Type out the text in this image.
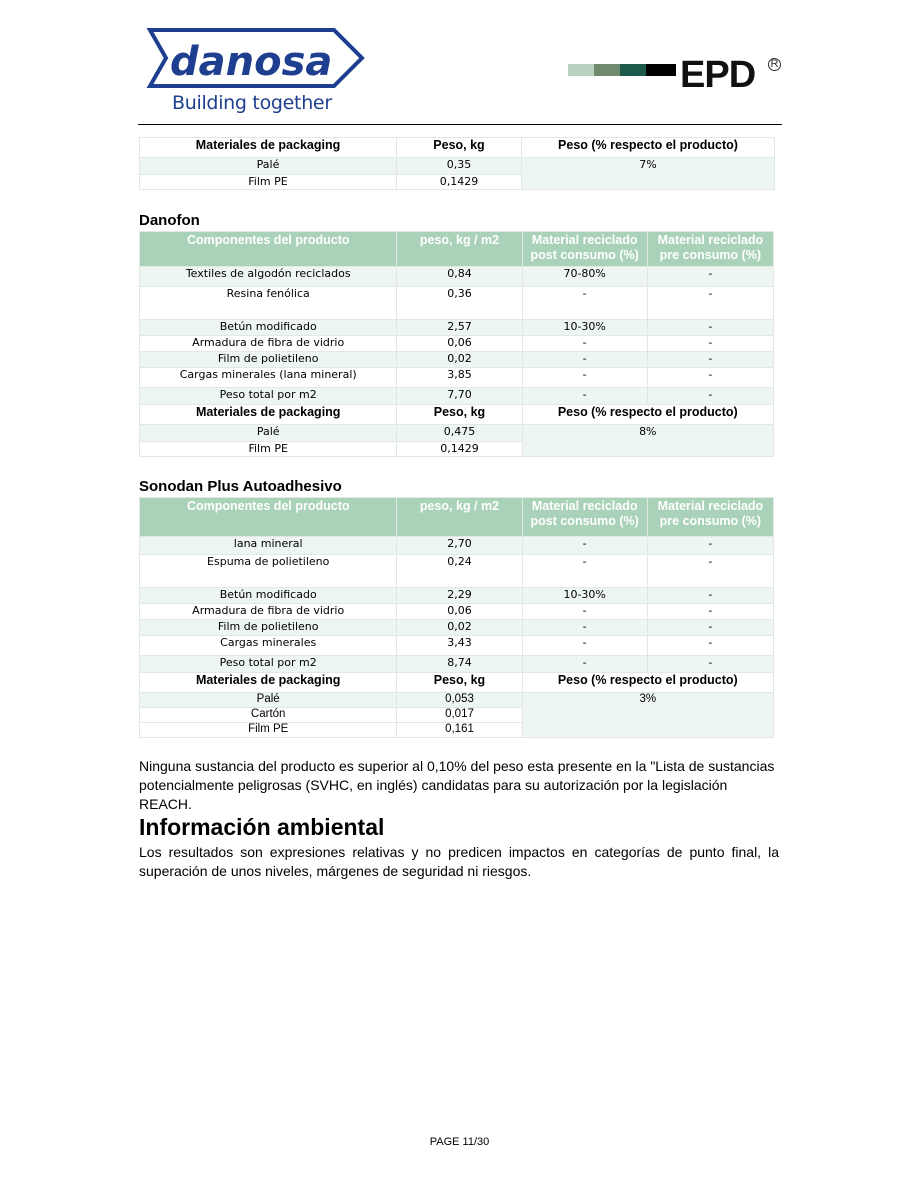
danosa
Building together
EPD R
Materiales de packaging	Peso, kg	Peso (% respecto el producto)
Palé	0,35	7%
Film PE	0,1429	
Danofon
Componentes del producto	peso, kg / m2	Material reciclado post consumo (%)	Material reciclado pre consumo (%)
Textiles de algodón reciclados	0,84	70-80%	-
Resina fenólica	0,36	-	-
Betún modificado	2,57	10-30%	-
Armadura de fibra de vidrio	0,06	-	-
Film de polietileno	0,02	-	-
Cargas minerales (lana mineral)	3,85	-	-
Peso total por m2	7,70	-	-
Materiales de packaging	Peso, kg	Peso (% respecto el producto)	
Palé	0,475	8%	
Film PE	0,1429		
Sonodan Plus Autoadhesivo
Componentes del producto	peso, kg / m2	Material reciclado post consumo (%)	Material reciclado pre consumo (%)
lana mineral	2,70	-	-
Espuma de polietileno	0,24	-	-
Betún modificado	2,29	10-30%	-
Armadura de fibra de vidrio	0,06	-	-
Film de polietileno	0,02	-	-
Cargas minerales	3,43	-	-
Peso total por m2	8,74	-	-
Materiales de packaging	Peso, kg	Peso (% respecto el producto)	
Palé	0,053	3%	
Cartón	0,017		
Film PE	0,161		
Ninguna sustancia del producto es superior al 0,10% del peso esta presente en la "Lista de sustancias potencialmente peligrosas (SVHC, en inglés) candidatas para su autorización por la legislación REACH.
Información ambiental
Los resultados son expresiones relativas y no predicen impactos en categorías de punto final, la superación de unos niveles, márgenes de seguridad ni riesgos.
PAGE 11/30
